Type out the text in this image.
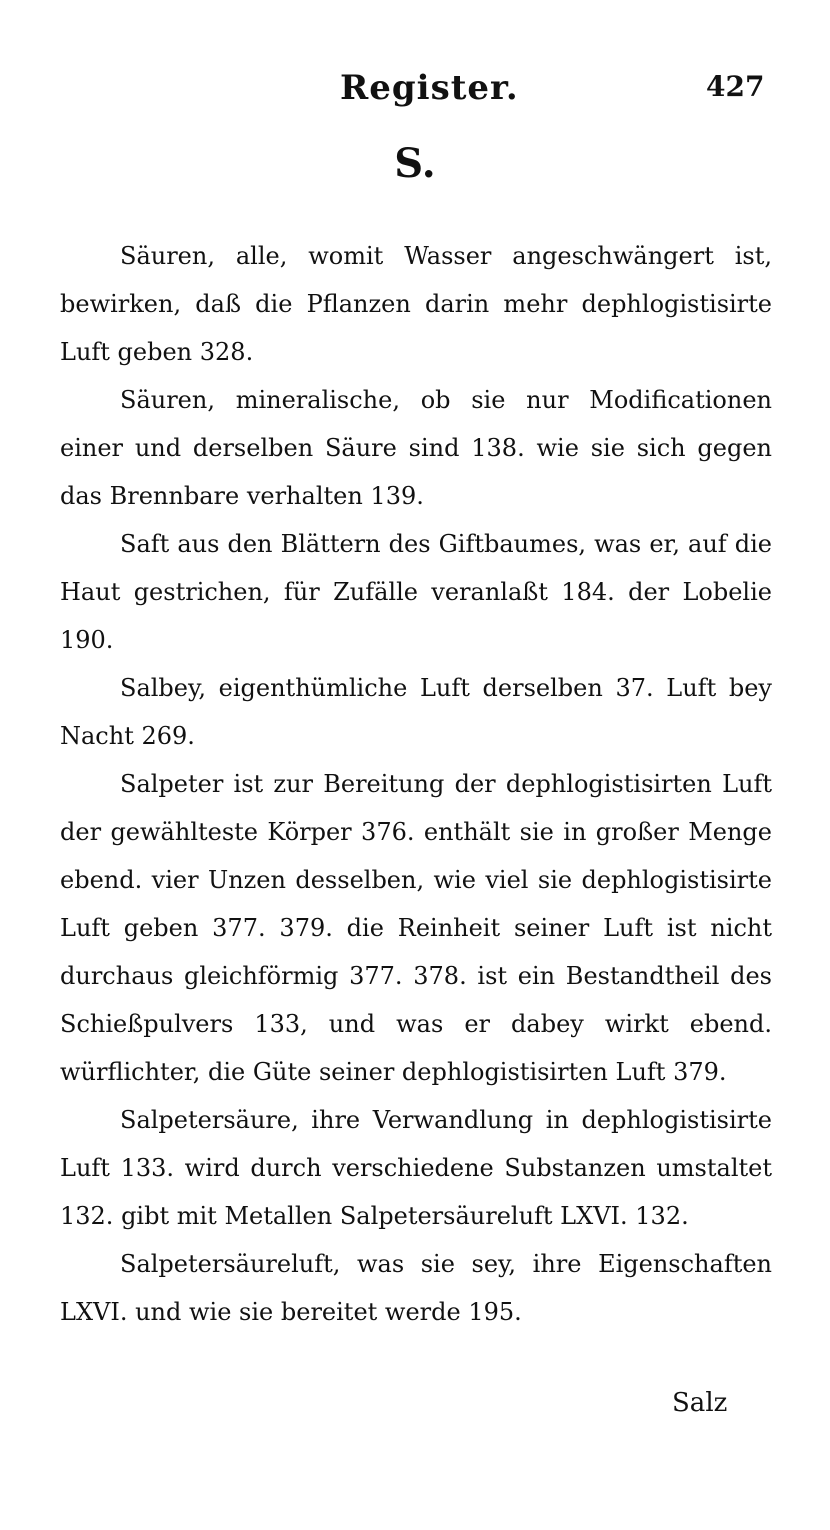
Register.	427
S.

Säuren, alle, womit Wasser angeschwängert ist, bewirken, daß die Pflanzen darin mehr dephlogistisirte Luft geben 328.

Säuren, mineralische, ob sie nur Modificationen einer und derselben Säure sind 138. wie sie sich gegen das Brennbare verhalten 139.

Saft aus den Blättern des Giftbaumes, was er, auf die Haut gestrichen, für Zufälle veranlaßt 184. der Lobelie 190.

Salbey, eigenthümliche Luft derselben 37. Luft bey Nacht 269.

Salpeter ist zur Bereitung der dephlogistisirten Luft der gewählteste Körper 376. enthält sie in großer Menge ebend. vier Unzen desselben, wie viel sie dephlogistisirte Luft geben 377. 379. die Reinheit seiner Luft ist nicht durchaus gleichförmig 377. 378. ist ein Bestandtheil des Schießpulvers 133, und was er dabey wirkt ebend. würflichter, die Güte seiner dephlogistisirten Luft 379.

Salpetersäure, ihre Verwandlung in dephlogistisirte Luft 133. wird durch verschiedene Substanzen umstaltet 132. gibt mit Metallen Salpetersäureluft LXVI. 132.

Salpetersäureluft, was sie sey, ihre Eigenschaften LXVI. und wie sie bereitet werde 195.

Salz
